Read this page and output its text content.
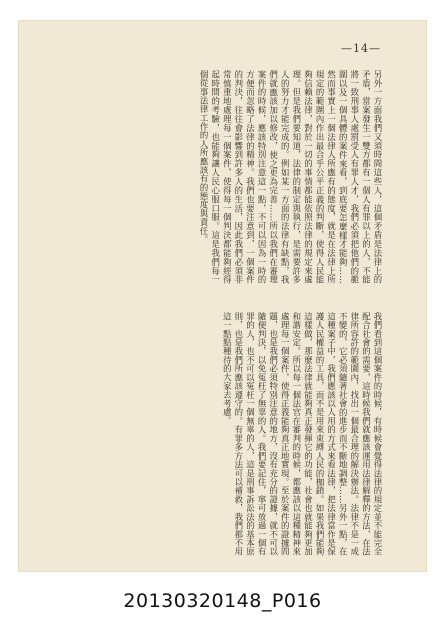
—14—
另外一方面我們又須時間這些人，這個矛盾是法律上的矛盾，當案發生一雙方都有一個人有罪以上的人，不能將一致刑事人處罰受人有罪人才，我們必須把他們的範圍以及一個具體的案件來看，到底要怎麼樣才能夠……然而事實上一個法律人所應有的態度，就是在法律上所規定的範圍內作出最合乎公平正義的判斷，使得人民能夠信賴法律，對於一切的事情都能依照法律的規定來處理。但是我們要知道，法律的制定與執行，是需要許多人的努力才能完成的。例如某一方面的法律有缺點，我們就應該加以修改，使之更為完善……所以我們在審理案件的時候，應該特別注意這一點，不可以因為一時的方便而忽略了法律的精神。我們也要注意到，一個案件的判決，往往會影響到許多人的生活，因此我們必須非常慎重地處理每一個案件，使得每一個判決都能夠經得起時間的考驗，也能夠讓人民心服口服。這是我們每一個從事法律工作的人所應該有的態度與責任。
我們看到這個案件的時候，有時候會覺得法律的規定並不能完全配合社會的需要，這時候我們就應該運用法律解釋的方法，在法律所容許的範圍內，找出一個最合理的解決辦法。法律不是一成不變的，它必須隨著社會的進步而不斷地調整……另外一點，在這種案子中，我們應該以人用的方式來看法律，把法律當作是保護人民權益的工具，而不是用來束縛人民的枷鎖。如果我們能夠這樣做，那麼法律就能夠真正發揮它的功能，社會也就能夠更加和諧安定。所以每一個法官在審判的時候，都應該以這種精神來處理每一個案件，使得正義能夠真正地實現。至於案件的證據問題，也是我們必須特別注意的地方，沒有充分的證據，就不可以隨便判決，以免冤枉了無辜的人。我們要記住，寧可放過一個有罪的人，也不可以冤枉一個無辜的人，這是刑事訴訟法的基本原則，也是我們所應該遵守的。有罪多方法可以補救，我們都不用這一點點種待的大家去考慮。
20130320148_P016
